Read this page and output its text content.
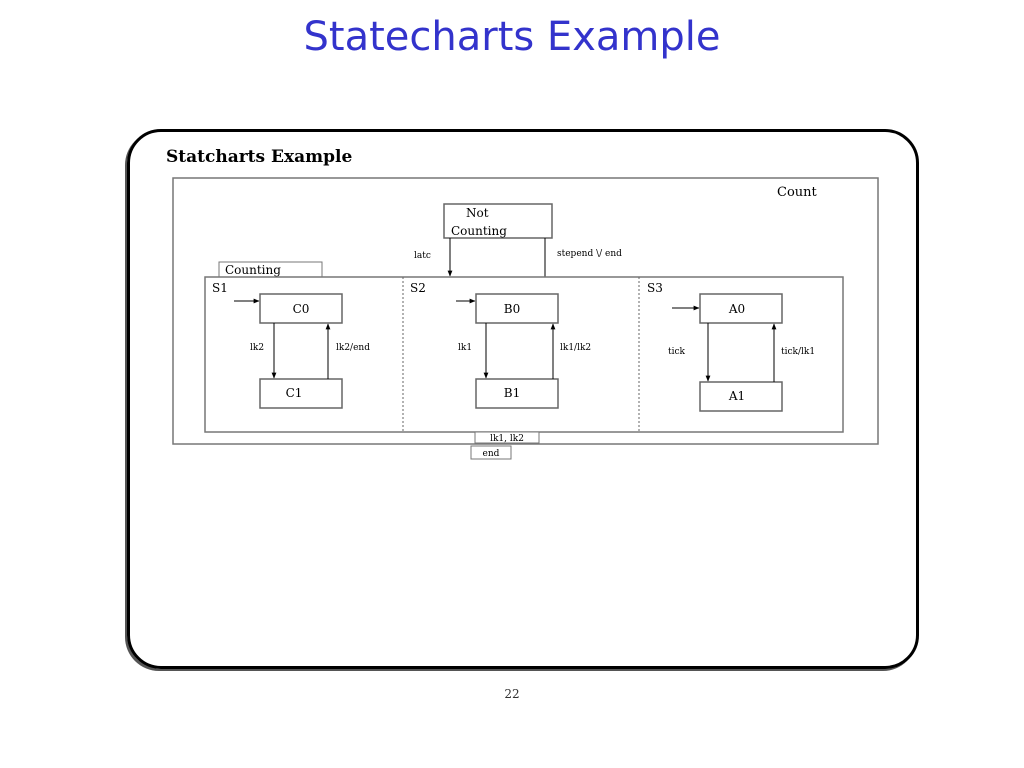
Statecharts Example
Statcharts Example
Count
Not
Counting
latc	stepend \/ end
Counting
S1
C0
C1
lk2	lk2/end
S2
B0
B1
lk1	lk1/lk2
S3
A0
A1
tick	tick/lk1
lk1, lk2
end
22
